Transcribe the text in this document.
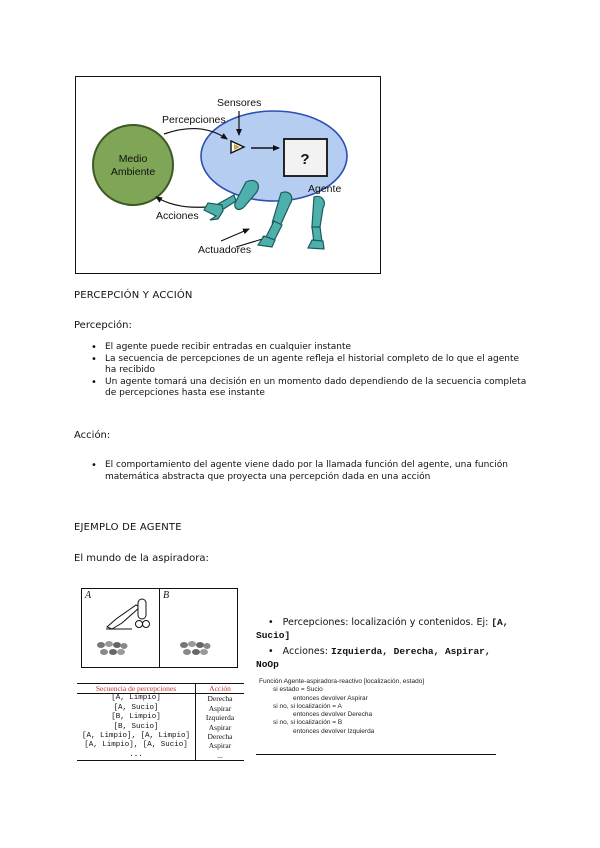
Sensores
Percepciones
Medio
Ambiente
?
Agente
Acciones
Actuadores
PERCEPCIÓN Y ACCIÓN
Percepción:
• El agente puede recibir entradas en cualquier instante
• La secuencia de percepciones de un agente refleja el historial completo de lo que el agente
ha recibido
• Un agente tomará una decisión en un momento dado dependiendo de la secuencia completa
de percepciones hasta ese instante
Acción:
• El comportamiento del agente viene dado por la llamada función del agente, una función
matemática abstracta que proyecta una percepción dada en una acción
EJEMPLO DE AGENTE
El mundo de la aspiradora:
A	B
•   Percepciones: localización y contenidos. Ej: [A,
Sucio]
•   Acciones: Izquierda, Derecha, Aspirar,
NoOp
Secuencia de percepciones	Acción
[A, Limpio]	Derecha
[A, Sucio]	Aspirar
[B, Limpio]	Izquierda
[B, Sucio]	Aspirar
[A, Limpio], [A, Limpio]	Derecha
[A, Limpio], [A, Sucio]	Aspirar
...	...
Función Agente-aspiradora-reactivo [localización, estado]
si estado = Sucio
entonces devolver Aspirar
si no, si localización = A
entonces devolver Derecha
si no, si localización = B
entonces devolver Izquierda
